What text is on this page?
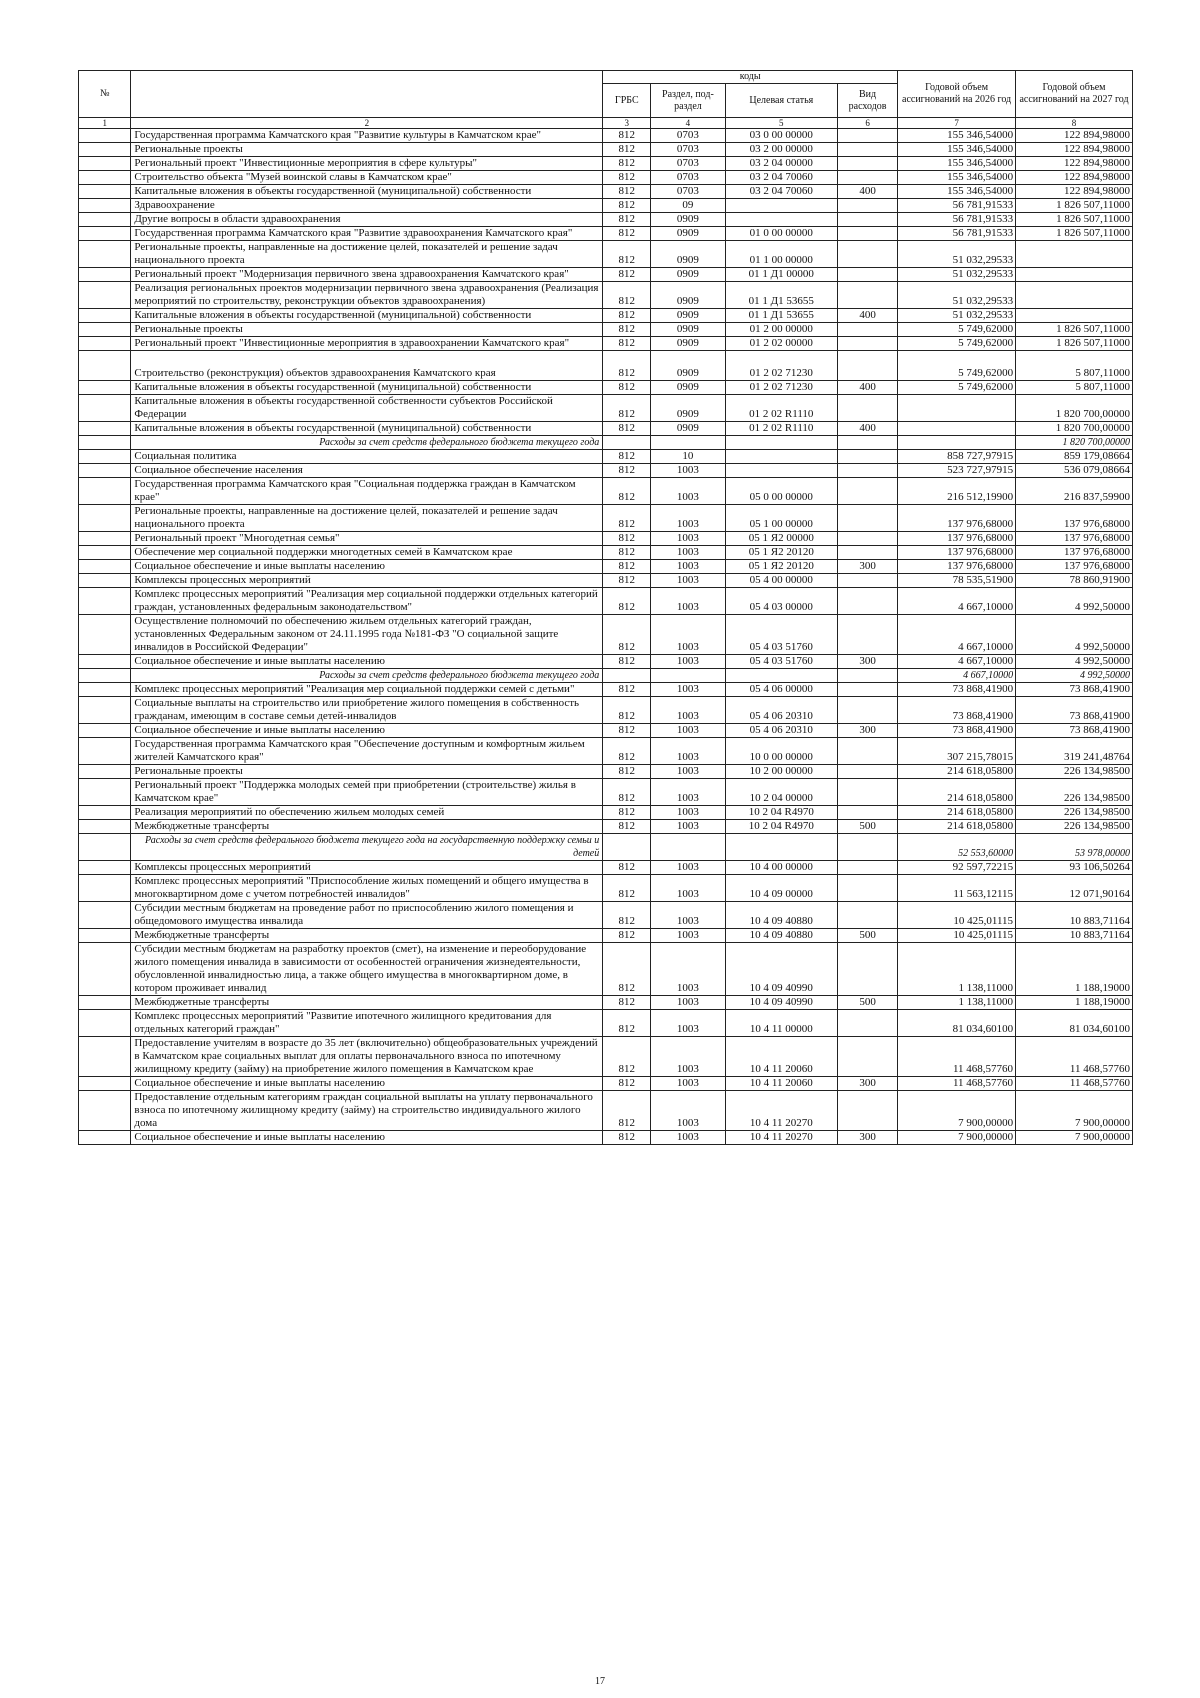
№		коды				Годовой объем ассигнований на 2026 год	Годовой объем ассигнований на 2027 год
		ГРБС	Раздел, под-раздел	Целевая статья	Вид расходов		
1	2	3	4	5	6	7	8
	Государственная программа Камчатского края "Развитие культуры в Камчатском крае"	812	0703	03 0 00 00000		155 346,54000	122 894,98000
	Региональные проекты	812	0703	03 2 00 00000		155 346,54000	122 894,98000
	Региональный проект "Инвестиционные мероприятия в сфере культуры"	812	0703	03 2 04 00000		155 346,54000	122 894,98000
	Строительство объекта "Музей воинской славы в Камчатском крае"	812	0703	03 2 04 70060		155 346,54000	122 894,98000
	Капитальные вложения в объекты государственной (муниципальной) собственности	812	0703	03 2 04 70060	400	155 346,54000	122 894,98000
	Здравоохранение	812	09			56 781,91533	1 826 507,11000
	Другие вопросы в области здравоохранения	812	0909			56 781,91533	1 826 507,11000
	Государственная программа Камчатского края "Развитие здравоохранения Камчатского края"	812	0909	01 0 00 00000		56 781,91533	1 826 507,11000
	Региональные проекты, направленные на достижение целей, показателей и решение задач национального проекта	812	0909	01 1 00 00000		51 032,29533	
	Региональный проект "Модернизация первичного звена здравоохранения Камчатского края"	812	0909	01 1 Д1 00000		51 032,29533	
	Реализация региональных проектов модернизации первичного звена здравоохранения (Реализация мероприятий по строительству, реконструкции объектов здравоохранения)	812	0909	01 1 Д1 53655		51 032,29533	
	Капитальные вложения в объекты государственной (муниципальной) собственности	812	0909	01 1 Д1 53655	400	51 032,29533	
	Региональные проекты	812	0909	01 2 00 00000		5 749,62000	1 826 507,11000
	Региональный проект "Инвестиционные мероприятия в здравоохранении Камчатского края"	812	0909	01 2 02 00000		5 749,62000	1 826 507,11000
	Строительство (реконструкция) объектов здравоохранения Камчатского края	812	0909	01 2 02 71230		5 749,62000	5 807,11000
	Капитальные вложения в объекты государственной (муниципальной) собственности	812	0909	01 2 02 71230	400	5 749,62000	5 807,11000
	Капитальные вложения в объекты государственной собственности субъектов Российской Федерации	812	0909	01 2 02 R1110			1 820 700,00000
	Капитальные вложения в объекты государственной (муниципальной) собственности	812	0909	01 2 02 R1110	400		1 820 700,00000
	Расходы за счет средств федерального бюджета текущего года						1 820 700,00000
	Социальная политика	812	10			858 727,97915	859 179,08664
	Социальное обеспечение населения	812	1003			523 727,97915	536 079,08664
	Государственная программа Камчатского края "Социальная поддержка граждан в Камчатском крае"	812	1003	05 0 00 00000		216 512,19900	216 837,59900
	Региональные проекты, направленные на достижение целей, показателей и решение задач национального проекта	812	1003	05 1 00 00000		137 976,68000	137 976,68000
	Региональный проект "Многодетная семья"	812	1003	05 1 Я2 00000		137 976,68000	137 976,68000
	Обеспечение мер социальной поддержки многодетных семей в Камчатском крае	812	1003	05 1 Я2 20120		137 976,68000	137 976,68000
	Социальное обеспечение и иные выплаты населению	812	1003	05 1 Я2 20120	300	137 976,68000	137 976,68000
	Комплексы процессных мероприятий	812	1003	05 4 00 00000		78 535,51900	78 860,91900
	Комплекс процессных мероприятий "Реализация мер социальной поддержки отдельных категорий граждан, установленных федеральным законодательством"	812	1003	05 4 03 00000		4 667,10000	4 992,50000
	Осуществление полномочий по обеспечению жильем отдельных категорий граждан, установленных Федеральным законом от 24.11.1995 года №181-ФЗ "О социальной защите инвалидов в Российской Федерации"	812	1003	05 4 03 51760		4 667,10000	4 992,50000
	Социальное обеспечение и иные выплаты населению	812	1003	05 4 03 51760	300	4 667,10000	4 992,50000
	Расходы за счет средств федерального бюджета текущего года					4 667,10000	4 992,50000
	Комплекс процессных мероприятий "Реализация мер социальной поддержки семей с детьми"	812	1003	05 4 06 00000		73 868,41900	73 868,41900
	Социальные выплаты на строительство или приобретение жилого помещения в собственность гражданам, имеющим в составе семьи детей-инвалидов	812	1003	05 4 06 20310		73 868,41900	73 868,41900
	Социальное обеспечение и иные выплаты населению	812	1003	05 4 06 20310	300	73 868,41900	73 868,41900
	Государственная программа Камчатского края "Обеспечение доступным и комфортным жильем жителей Камчатского края"	812	1003	10 0 00 00000		307 215,78015	319 241,48764
	Региональные проекты	812	1003	10 2 00 00000		214 618,05800	226 134,98500
	Региональный проект "Поддержка молодых семей при приобретении (строительстве) жилья в Камчатском крае"	812	1003	10 2 04 00000		214 618,05800	226 134,98500
	Реализация мероприятий по обеспечению жильем молодых семей	812	1003	10 2 04 R4970		214 618,05800	226 134,98500
	Межбюджетные трансферты	812	1003	10 2 04 R4970	500	214 618,05800	226 134,98500
	Расходы за счет средств федерального бюджета текущего года на государственную поддержку семьи и детей					52 553,60000	53 978,00000
	Комплексы процессных мероприятий	812	1003	10 4 00 00000		92 597,72215	93 106,50264
	Комплекс процессных мероприятий "Приспособление жилых помещений и общего имущества в многоквартирном доме с учетом потребностей инвалидов"	812	1003	10 4 09 00000		11 563,12115	12 071,90164
	Субсидии местным бюджетам на проведение работ по приспособлению жилого помещения и общедомового имущества инвалида	812	1003	10 4 09 40880		10 425,01115	10 883,71164
	Межбюджетные трансферты	812	1003	10 4 09 40880	500	10 425,01115	10 883,71164
	Субсидии местным бюджетам на разработку проектов (смет), на изменение и переоборудование жилого помещения инвалида в зависимости от особенностей ограничения жизнедеятельности, обусловленной инвалидностью лица, а также общего имущества в многоквартирном доме, в котором проживает инвалид	812	1003	10 4 09 40990		1 138,11000	1 188,19000
	Межбюджетные трансферты	812	1003	10 4 09 40990	500	1 138,11000	1 188,19000
	Комплекс процессных мероприятий "Развитие ипотечного жилищного кредитования для отдельных категорий граждан"	812	1003	10 4 11 00000		81 034,60100	81 034,60100
	Предоставление учителям в возрасте до 35 лет (включительно) общеобразовательных учреждений в Камчатском крае социальных выплат для оплаты первоначального взноса по ипотечному жилищному кредиту (займу) на приобретение жилого помещения в Камчатском крае	812	1003	10 4 11 20060		11 468,57760	11 468,57760
	Социальное обеспечение и иные выплаты населению	812	1003	10 4 11 20060	300	11 468,57760	11 468,57760
	Предоставление отдельным категориям граждан социальной выплаты на уплату первоначального взноса по ипотечному жилищному кредиту (займу) на строительство индивидуального жилого дома	812	1003	10 4 11 20270		7 900,00000	7 900,00000
	Социальное обеспечение и иные выплаты населению	812	1003	10 4 11 20270	300	7 900,00000	7 900,00000
17
